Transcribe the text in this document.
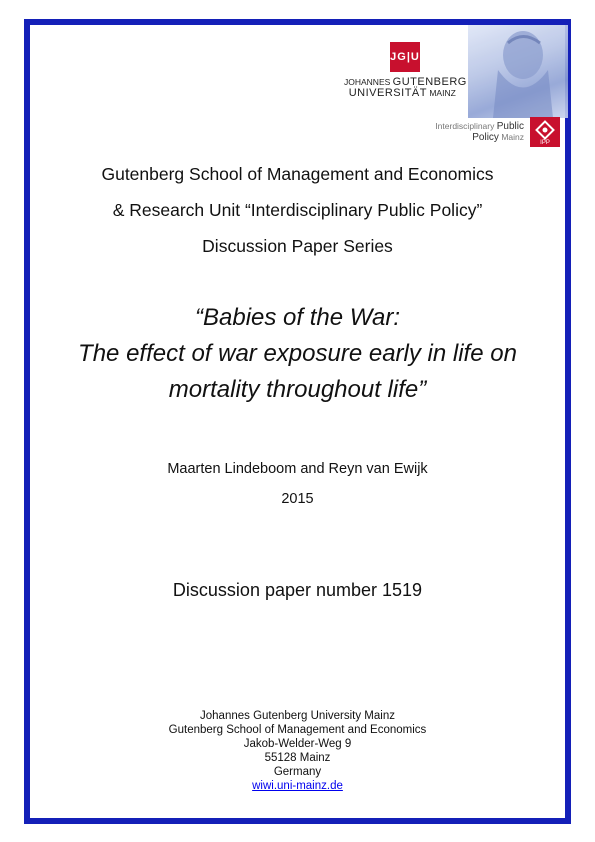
JG|U
JOHANNES GUTENBERG
UNIVERSITÄT MAINZ
Interdisciplinary Public
Policy Mainz
IPP
Gutenberg School of Management and Economics
& Research Unit “Interdisciplinary Public Policy”
Discussion Paper Series
“Babies of the War:
The effect of war exposure early in life on
mortality throughout life”
Maarten Lindeboom and Reyn van Ewijk
2015
Discussion paper number 1519
Johannes Gutenberg University Mainz
Gutenberg School of Management and Economics
Jakob-Welder-Weg 9
55128 Mainz
Germany
wiwi.uni-mainz.de
